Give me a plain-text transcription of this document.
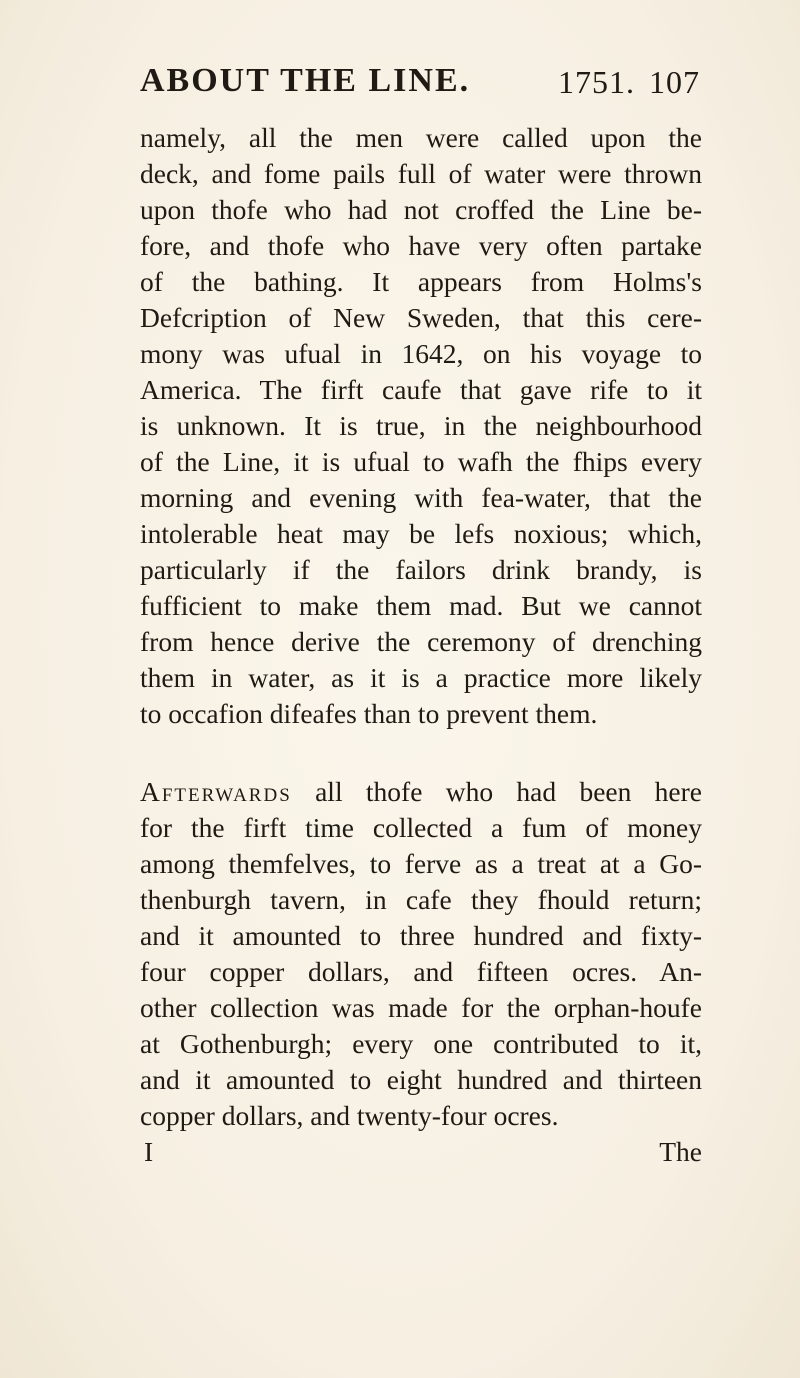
ABOUT THE LINE.	1751. 107
namely, all the men were called upon the
deck, and fome pails full of water were thrown
upon thofe who had not croffed the Line be-
fore, and thofe who have very often partake
of the bathing. It appears from Holms's
Defcription of New Sweden, that this cere-
mony was ufual in 1642, on his voyage to
America. The firft caufe that gave rife to it
is unknown. It is true, in the neighbourhood
of the Line, it is ufual to wafh the fhips every
morning and evening with fea-water, that the
intolerable heat may be lefs noxious; which,
particularly if the failors drink brandy, is
fufficient to make them mad. But we cannot
from hence derive the ceremony of drenching
them in water, as it is a practice more likely
to occafion difeafes than to prevent them.
Afterwards all thofe who had been here
for the firft time collected a fum of money
among themfelves, to ferve as a treat at a Go-
thenburgh tavern, in cafe they fhould return;
and it amounted to three hundred and fixty-
four copper dollars, and fifteen ocres. An-
other collection was made for the orphan-houfe
at Gothenburgh; every one contributed to it,
and it amounted to eight hundred and thirteen
copper dollars, and twenty-four ocres.
I	The
